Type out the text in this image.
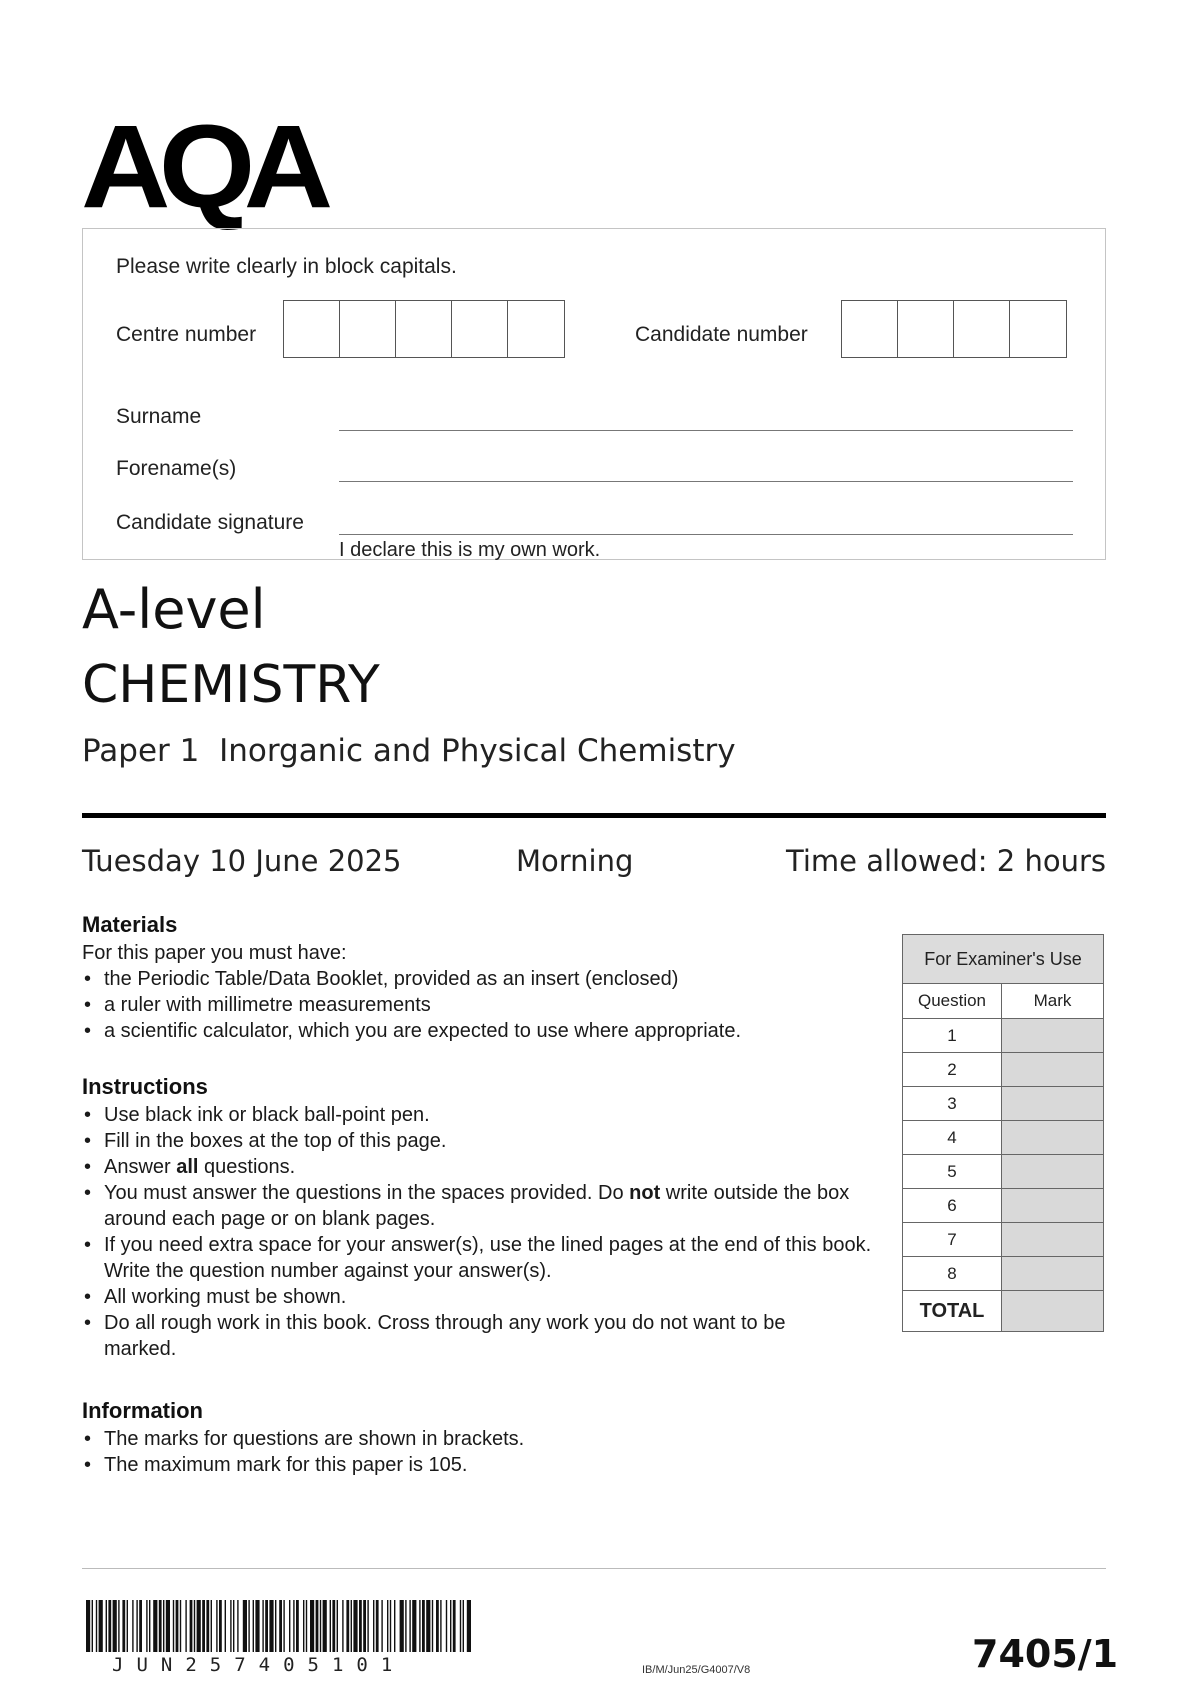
AQA
Please write clearly in block capitals.
Centre number	Candidate number
Surname
Forename(s)
Candidate signature
I declare this is my own work.
A-level
CHEMISTRY
Paper 1  Inorganic and Physical Chemistry
Tuesday 10 June 2025	Morning	Time allowed: 2 hours
Materials
For this paper you must have:
• the Periodic Table/Data Booklet, provided as an insert (enclosed)
• a ruler with millimetre measurements
• a scientific calculator, which you are expected to use where appropriate.
Instructions
• Use black ink or black ball-point pen.
• Fill in the boxes at the top of this page.
• Answer all questions.
• You must answer the questions in the spaces provided. Do not write outside the box around each page or on blank pages.
• If you need extra space for your answer(s), use the lined pages at the end of this book. Write the question number against your answer(s).
• All working must be shown.
• Do all rough work in this book. Cross through any work you do not want to be marked.
Information
• The marks for questions are shown in brackets.
• The maximum mark for this paper is 105.
For Examiner's Use	
Question	Mark
1	
2	
3	
4	
5	
6	
7	
8	
TOTAL	
JUN257405101	IB/M/Jun25/G4007/V8	7405/1
